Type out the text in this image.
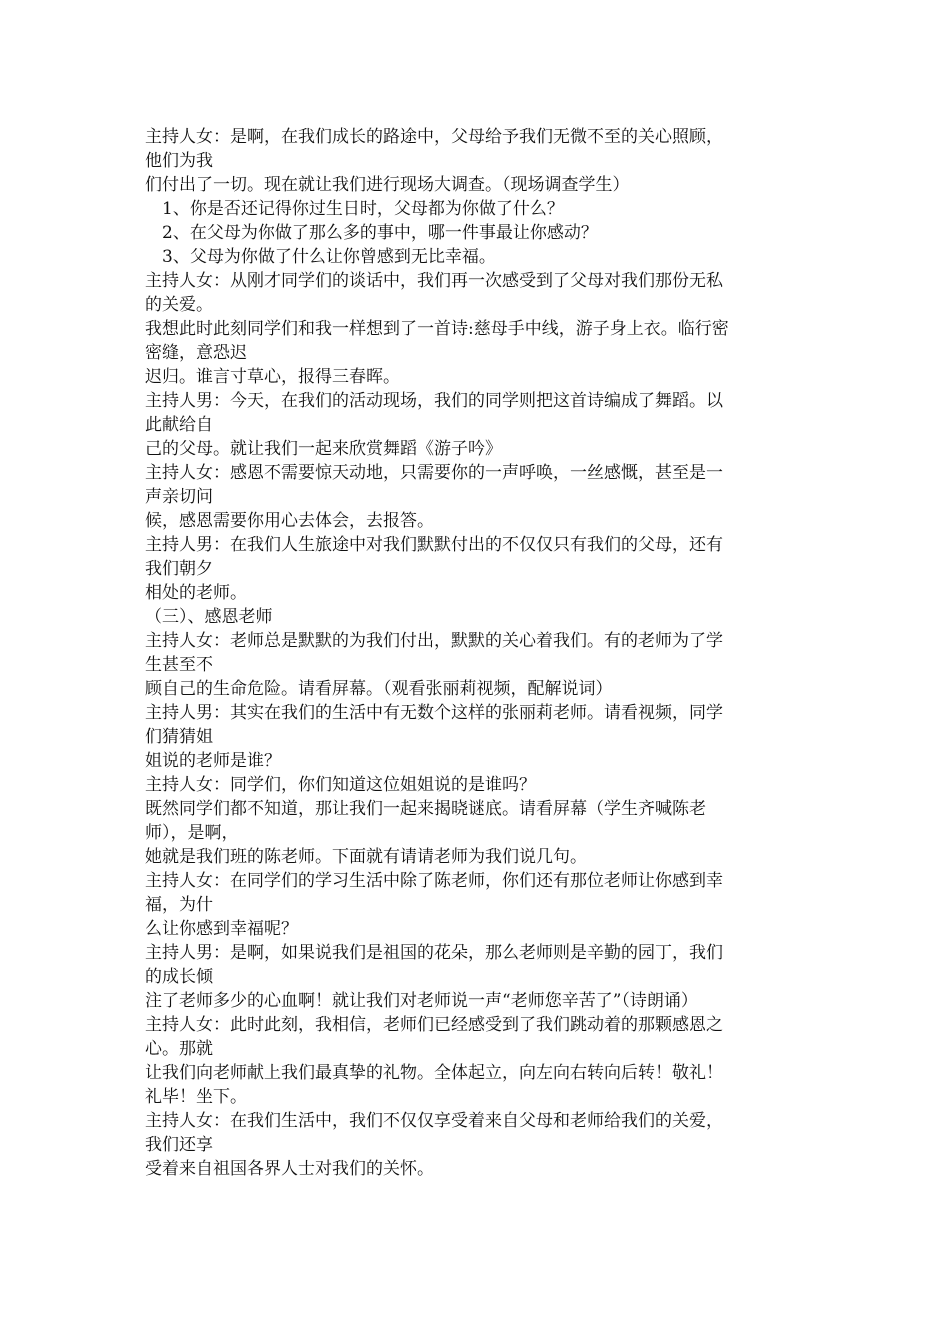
主持人女：是啊，在我们成长的路途中，父母给予我们无微不至的关心照顾，
他们为我
们付出了一切。现在就让我们进行现场大调查。（现场调查学生）
1、你是否还记得你过生日时，父母都为你做了什么？
2、在父母为你做了那么多的事中，哪一件事最让你感动？
3、父母为你做了什么让你曾感到无比幸福。
主持人女：从刚才同学们的谈话中，我们再一次感受到了父母对我们那份无私
的关爱。
我想此时此刻同学们和我一样想到了一首诗:慈母手中线，游子身上衣。临行密
密缝，意恐迟
迟归。谁言寸草心，报得三春晖。
主持人男：今天，在我们的活动现场，我们的同学则把这首诗编成了舞蹈。以
此献给自
己的父母。就让我们一起来欣赏舞蹈《游子吟》
主持人女：感恩不需要惊天动地，只需要你的一声呼唤，一丝感慨，甚至是一
声亲切问
候，感恩需要你用心去体会，去报答。
主持人男：在我们人生旅途中对我们默默付出的不仅仅只有我们的父母，还有
我们朝夕
相处的老师。
（三）、感恩老师
主持人女：老师总是默默的为我们付出，默默的关心着我们。有的老师为了学
生甚至不
顾自己的生命危险。请看屏幕。（观看张丽莉视频，配解说词）
主持人男：其实在我们的生活中有无数个这样的张丽莉老师。请看视频，同学
们猜猜姐
姐说的老师是谁？
主持人女：同学们，你们知道这位姐姐说的是谁吗？
既然同学们都不知道，那让我们一起来揭晓谜底。请看屏幕（学生齐喊陈老
师），是啊，
她就是我们班的陈老师。下面就有请请老师为我们说几句。
主持人女：在同学们的学习生活中除了陈老师，你们还有那位老师让你感到幸
福，为什
么让你感到幸福呢？
主持人男：是啊，如果说我们是祖国的花朵，那么老师则是辛勤的园丁，我们
的成长倾
注了老师多少的心血啊！就让我们对老师说一声“老师您辛苦了”（诗朗诵）
主持人女：此时此刻，我相信，老师们已经感受到了我们跳动着的那颗感恩之
心。那就
让我们向老师献上我们最真挚的礼物。全体起立，向左向右转向后转！敬礼！
礼毕！坐下。
主持人女：在我们生活中，我们不仅仅享受着来自父母和老师给我们的关爱，
我们还享
受着来自祖国各界人士对我们的关怀。
